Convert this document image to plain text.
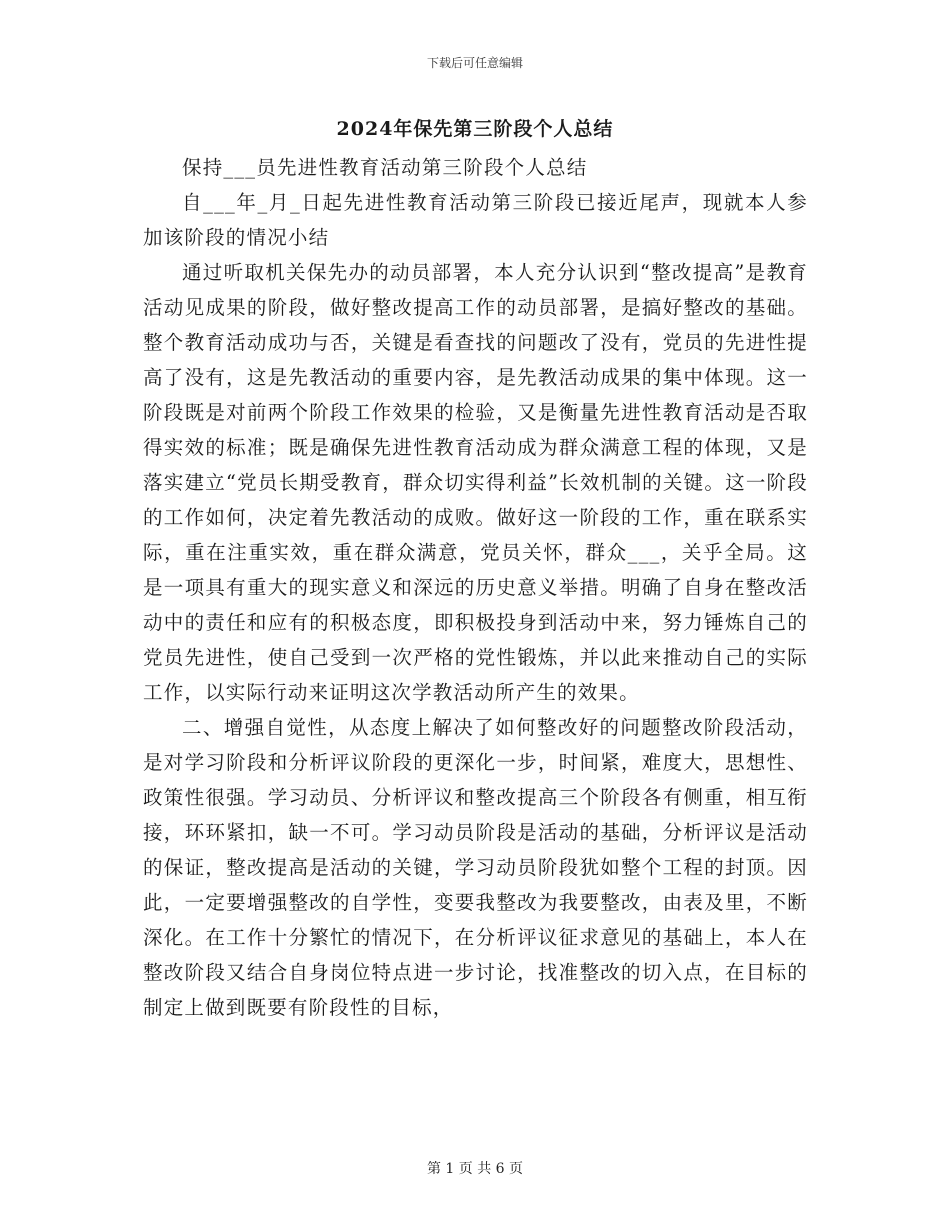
下载后可任意编辑
2024年保先第三阶段个人总结

保持___员先进性教育活动第三阶段个人总结

自___年_月_日起先进性教育活动第三阶段已接近尾声，现就本人参加该阶段的情况小结

通过听取机关保先办的动员部署，本人充分认识到“整改提高”是教育活动见成果的阶段，做好整改提高工作的动员部署，是搞好整改的基础。整个教育活动成功与否，关键是看查找的问题改了没有，党员的先进性提高了没有，这是先教活动的重要内容，是先教活动成果的集中体现。这一阶段既是对前两个阶段工作效果的检验，又是衡量先进性教育活动是否取得实效的标准；既是确保先进性教育活动成为群众满意工程的体现，又是落实建立“党员长期受教育，群众切实得利益”长效机制的关键。这一阶段的工作如何，决定着先教活动的成败。做好这一阶段的工作，重在联系实际，重在注重实效，重在群众满意，党员关怀，群众___，关乎全局。这是一项具有重大的现实意义和深远的历史意义举措。明确了自身在整改活动中的责任和应有的积极态度，即积极投身到活动中来，努力锤炼自己的党员先进性，使自己受到一次严格的党性锻炼，并以此来推动自己的实际工作，以实际行动来证明这次学教活动所产生的效果。

二、增强自觉性，从态度上解决了如何整改好的问题整改阶段活动，是对学习阶段和分析评议阶段的更深化一步，时间紧，难度大，思想性、政策性很强。学习动员、分析评议和整改提高三个阶段各有侧重，相互衔接，环环紧扣，缺一不可。学习动员阶段是活动的基础，分析评议是活动的保证，整改提高是活动的关键，学习动员阶段犹如整个工程的封顶。因此，一定要增强整改的自学性，变要我整改为我要整改，由表及里，不断深化。在工作十分繁忙的情况下，在分析评议征求意见的基础上，本人在整改阶段又结合自身岗位特点进一步讨论，找准整改的切入点，在目标的制定上做到既要有阶段性的目标，

第 1 页 共 6 页
